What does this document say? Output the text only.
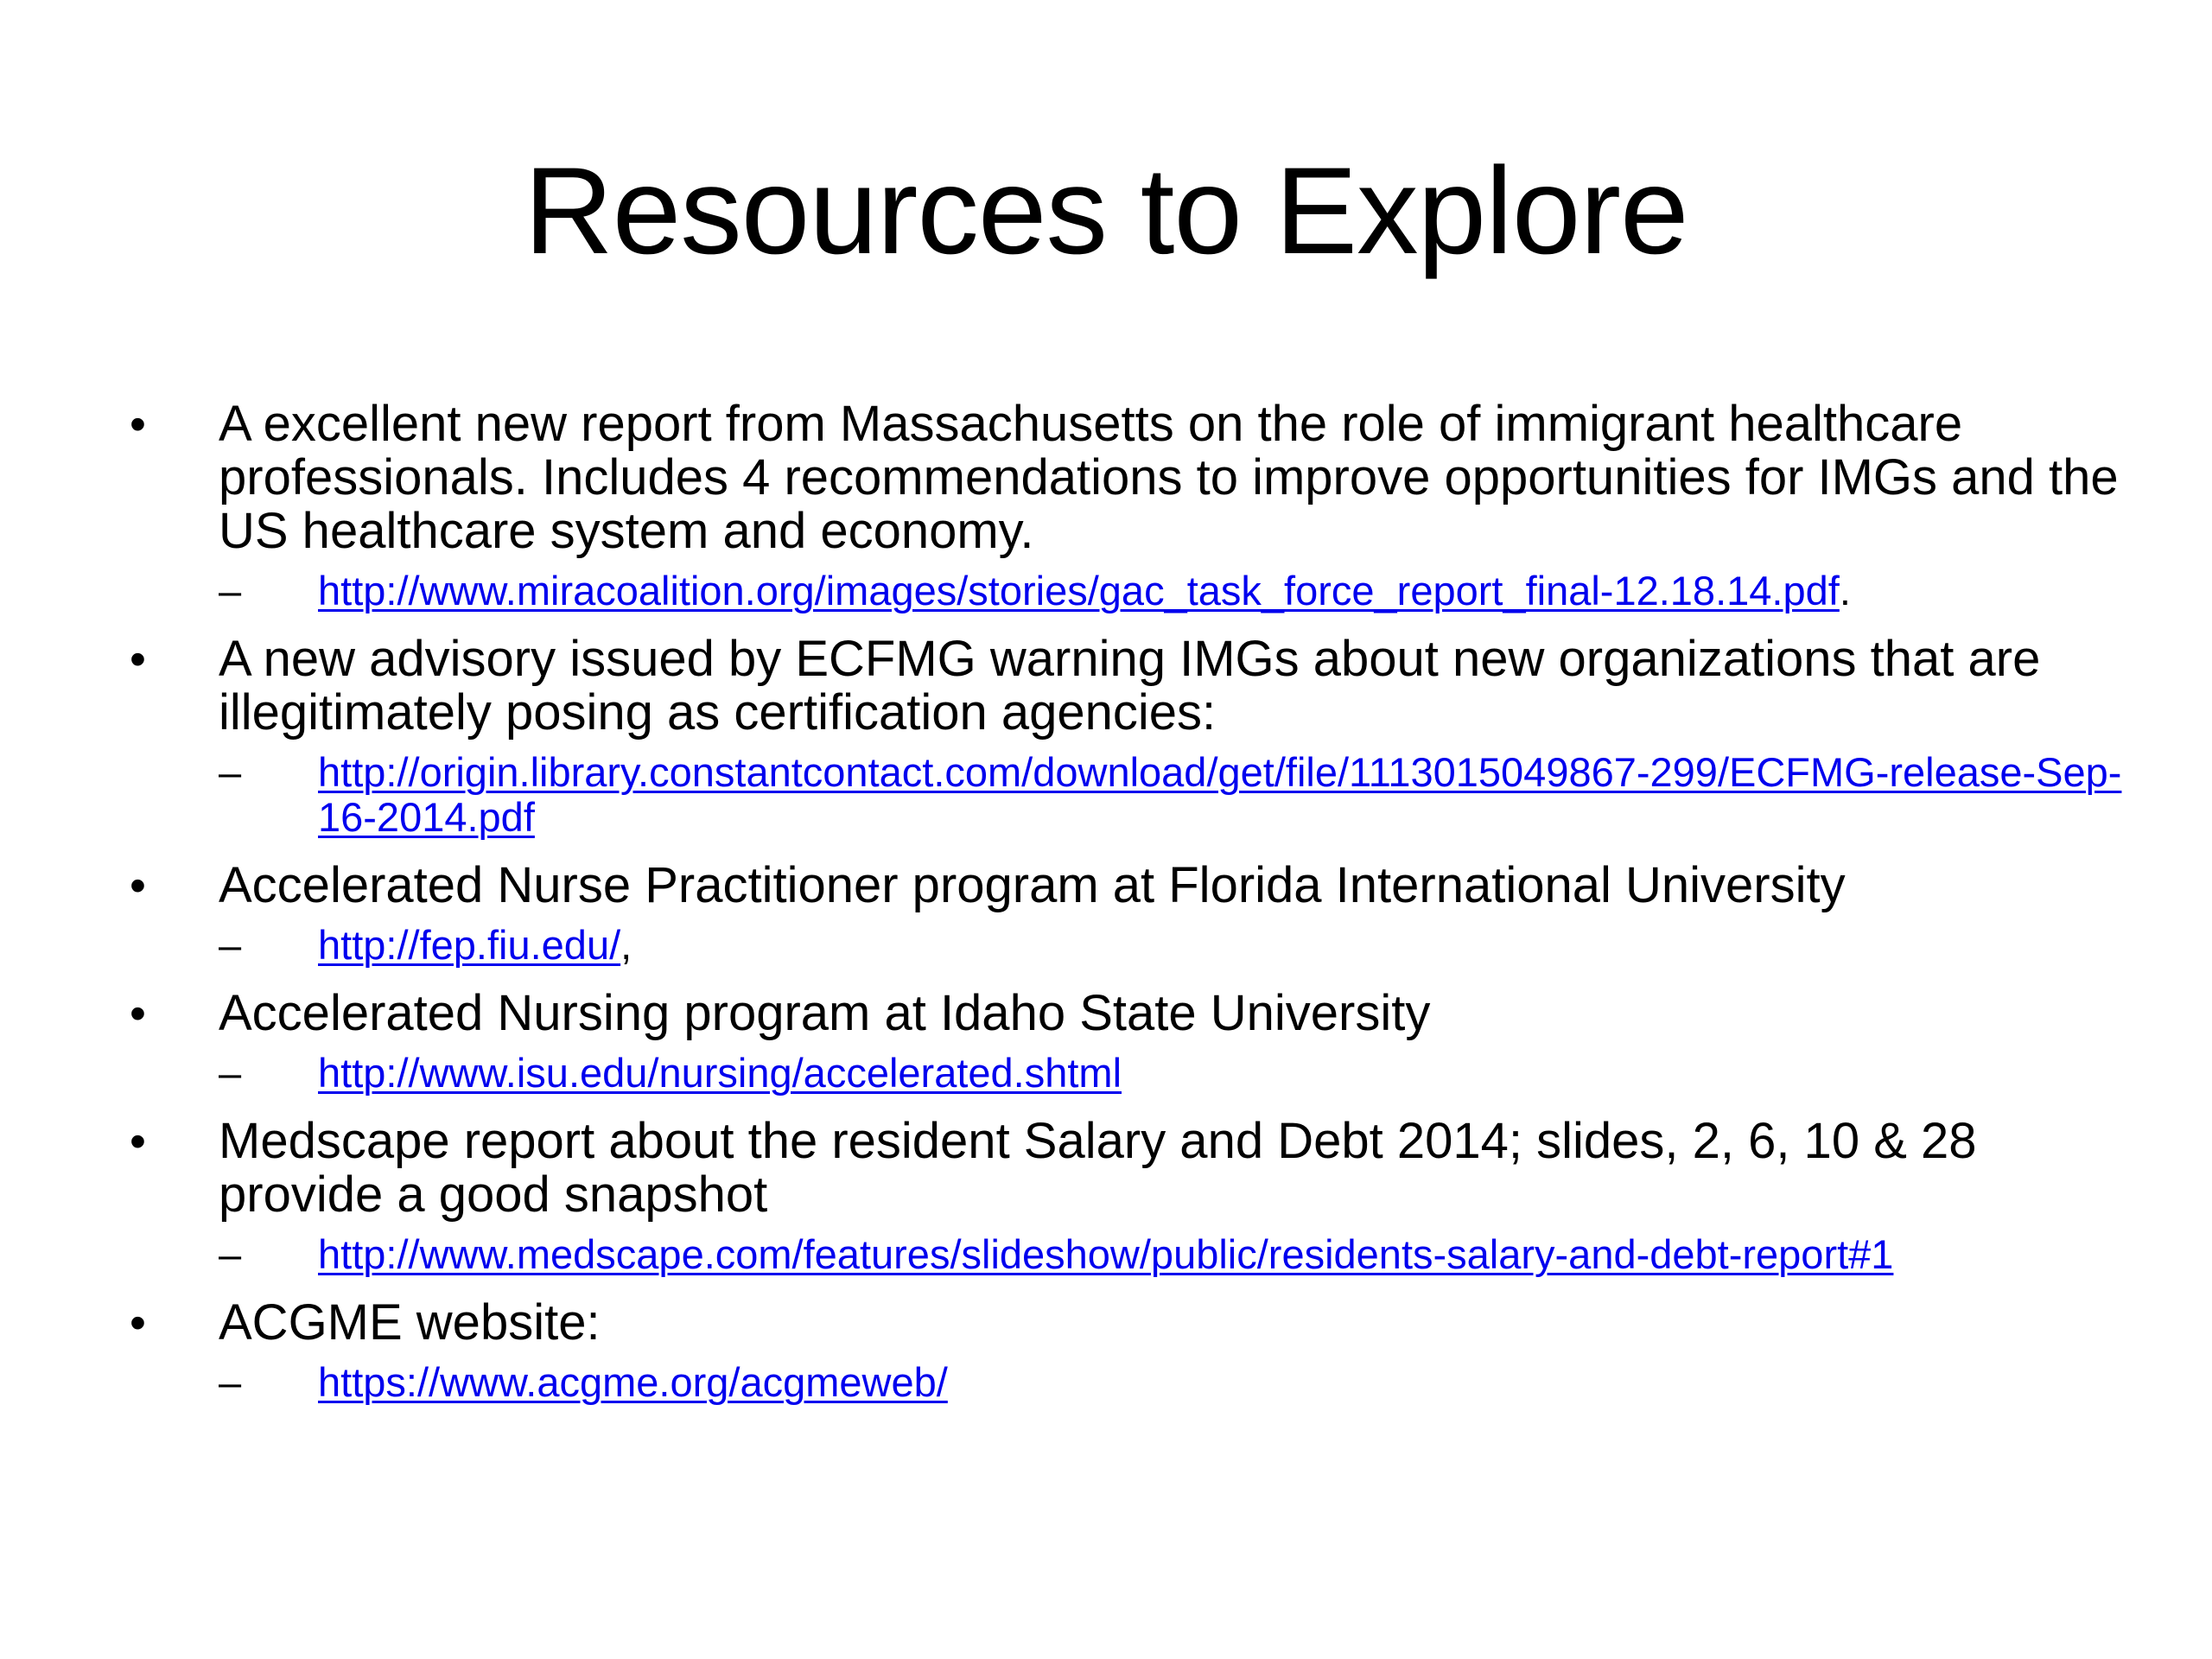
Resources to Explore
•	A excellent new report from Massachusetts on the role of immigrant healthcare professionals. Includes 4 recommendations to improve opportunities for IMGs and the US healthcare system and economy.
–	http://www.miracoalition.org/images/stories/gac_task_force_report_final-12.18.14.pdf.
•	A new advisory issued by ECFMG warning IMGs about new organizations that are illegitimately posing as certification agencies:
–	http://origin.library.constantcontact.com/download/get/file/1113015049867-299/ECFMG-release-Sep-16-2014.pdf
•	Accelerated Nurse Practitioner program at Florida International University
–	http://fep.fiu.edu/,
•	Accelerated Nursing program at Idaho State University
–	http://www.isu.edu/nursing/accelerated.shtml
•	Medscape report about the resident Salary and Debt 2014; slides, 2, 6, 10 & 28 provide a good snapshot
–	http://www.medscape.com/features/slideshow/public/residents-salary-and-debt-report#1
•	ACGME website:
–	https://www.acgme.org/acgmeweb/
